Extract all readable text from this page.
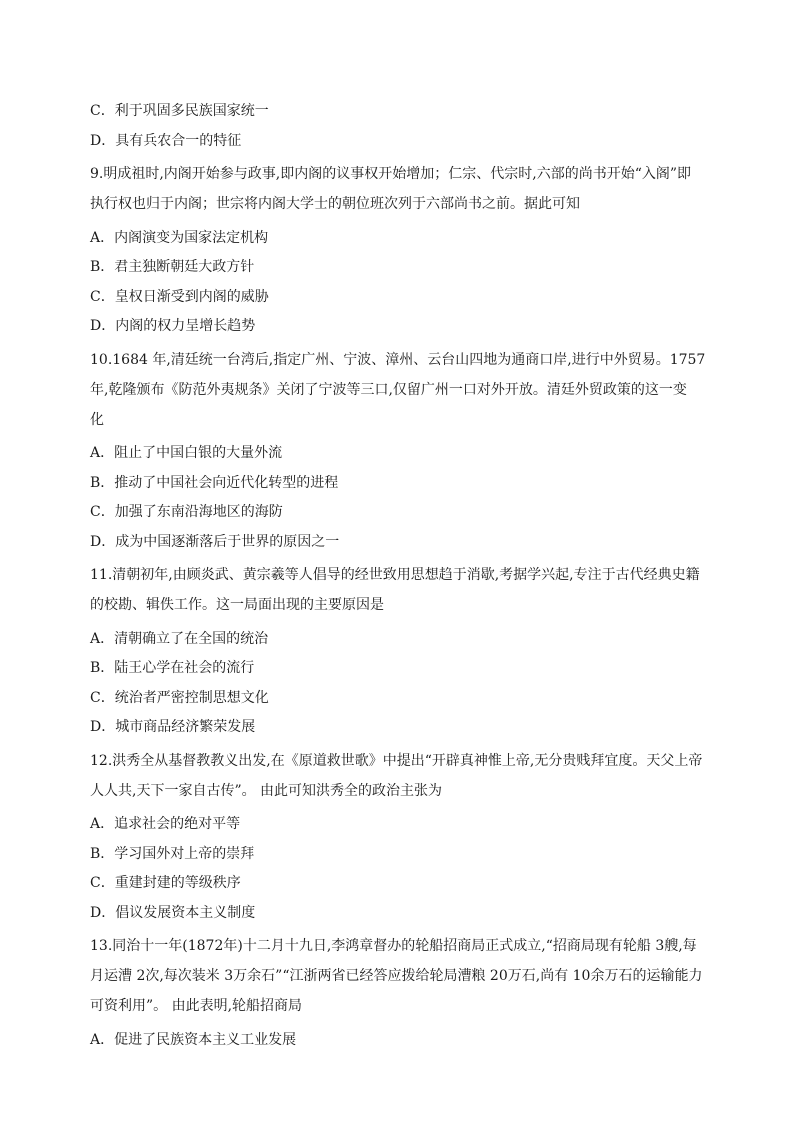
C．利于巩固多民族国家统一
D．具有兵农合一的特征
9.明成祖时,内阁开始参与政事,即内阁的议事权开始增加；仁宗、代宗时,六部的尚书开始“入阁”即
执行权也归于内阁；世宗将内阁大学士的朝位班次列于六部尚书之前。据此可知
A．内阁演变为国家法定机构
B．君主独断朝廷大政方针
C．皇权日渐受到内阁的威胁
D．内阁的权力呈增长趋势
10.1684 年,清廷统一台湾后,指定广州、宁波、漳州、云台山四地为通商口岸,进行中外贸易。1757
年,乾隆颁布《防范外夷规条》关闭了宁波等三口,仅留广州一口对外开放。清廷外贸政策的这一变
化
A．阻止了中国白银的大量外流
B．推动了中国社会向近代化转型的进程
C．加强了东南沿海地区的海防
D．成为中国逐渐落后于世界的原因之一
11.清朝初年,由顾炎武、黄宗羲等人倡导的经世致用思想趋于消歇,考据学兴起,专注于古代经典史籍
的校勘、辑佚工作。这一局面出现的主要原因是
A．清朝确立了在全国的统治
B．陆王心学在社会的流行
C．统治者严密控制思想文化
D．城市商品经济繁荣发展
12.洪秀全从基督教教义出发,在《原道救世歌》中提出“开辟真神惟上帝,无分贵贱拜宜度。天父上帝
人人共,天下一家自古传”。 由此可知洪秀全的政治主张为
A．追求社会的绝对平等
B．学习国外对上帝的崇拜
C．重建封建的等级秩序
D．倡议发展资本主义制度
13.同治十一年(1872年)十二月十九日,李鸿章督办的轮船招商局正式成立,“招商局现有轮船 3艘,每
月运漕 2次,每次装米 3万余石”“江浙两省已经答应拨给轮局漕粮 20万石,尚有 10余万石的运输能力
可资利用”。 由此表明,轮船招商局
A．促进了民族资本主义工业发展
